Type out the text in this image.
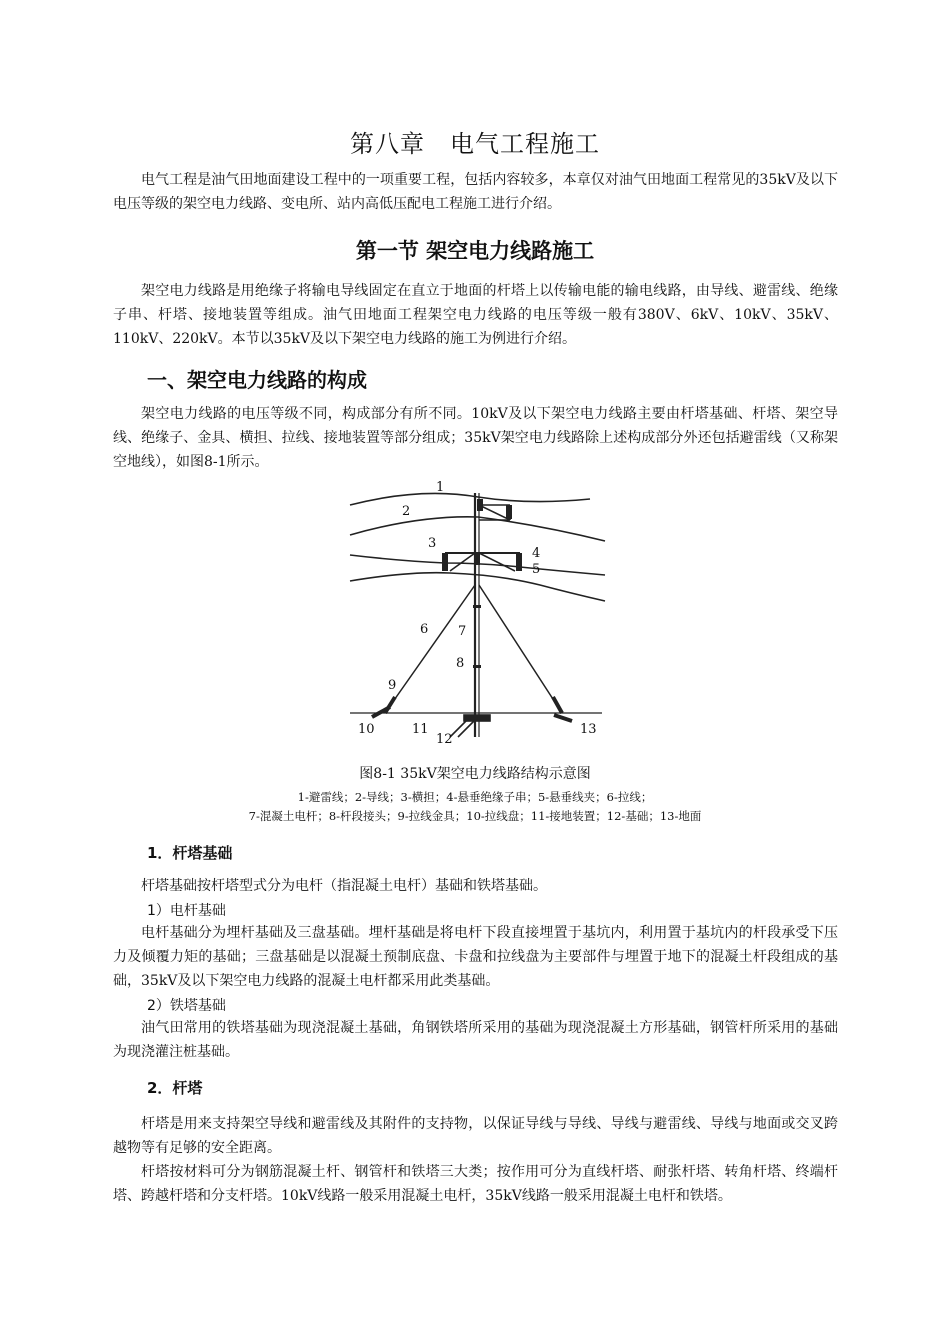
第八章　电气工程施工

电气工程是油气田地面建设工程中的一项重要工程，包括内容较多，本章仅对油气田地面工程常见的35kV及以下电压等级的架空电力线路、变电所、站内高低压配电工程施工进行介绍。

第一节 架空电力线路施工

架空电力线路是用绝缘子将输电导线固定在直立于地面的杆塔上以传输电能的输电线路，由导线、避雷线、绝缘子串、杆塔、接地装置等组成。油气田地面工程架空电力线路的电压等级一般有380V、6kV、10kV、35kV、110kV、220kV。本节以35kV及以下架空电力线路的施工为例进行介绍。

一、架空电力线路的构成

架空电力线路的电压等级不同，构成部分有所不同。10kV及以下架空电力线路主要由杆塔基础、杆塔、架空导线、绝缘子、金具、横担、拉线、接地装置等部分组成；35kV架空电力线路除上述构成部分外还包括避雷线（又称架空地线），如图8-1所示。

1
2
3
4
5
6 7
8
9
10	11
12
13
图8-1 35kV架空电力线路结构示意图
1-避雷线；2-导线；3-横担；4-悬垂绝缘子串；5-悬垂线夹；6-拉线；
7-混凝土电杆；8-杆段接头；9-拉线金具；10-拉线盘；11-接地装置；12-基础；13-地面
1．杆塔基础

杆塔基础按杆塔型式分为电杆（指混凝土电杆）基础和铁塔基础。

1）电杆基础

电杆基础分为埋杆基础及三盘基础。埋杆基础是将电杆下段直接埋置于基坑内，利用置于基坑内的杆段承受下压力及倾覆力矩的基础；三盘基础是以混凝土预制底盘、卡盘和拉线盘为主要部件与埋置于地下的混凝土杆段组成的基础，35kV及以下架空电力线路的混凝土电杆都采用此类基础。

2）铁塔基础

油气田常用的铁塔基础为现浇混凝土基础，角钢铁塔所采用的基础为现浇混凝土方形基础，钢管杆所采用的基础为现浇灌注桩基础。

2．杆塔

杆塔是用来支持架空导线和避雷线及其附件的支持物，以保证导线与导线、导线与避雷线、导线与地面或交叉跨越物等有足够的安全距离。

杆塔按材料可分为钢筋混凝土杆、钢管杆和铁塔三大类；按作用可分为直线杆塔、耐张杆塔、转角杆塔、终端杆塔、跨越杆塔和分支杆塔。10kV线路一般采用混凝土电杆，35kV线路一般采用混凝土电杆和铁塔。
